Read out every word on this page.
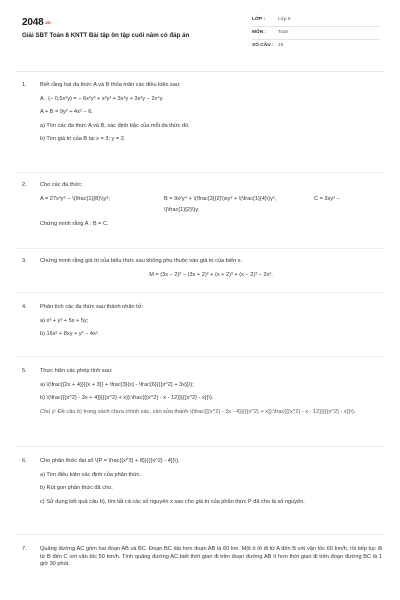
2048.vn
Giải SBT Toán 8 KNTT Bài tập ôn tập cuối năm có đáp án
LỚP :	Lớp 8
MÔN :	Toán
SỐ CÂU : 16
1.	Biết rằng hai đa thức A và B thỏa mãn các điều kiện sau:
A . (− 0,5x²y) = − 6x²y³ + x³y² + 3x²y + 3x²y − 2x⁴y.
A + B = 9y² + 4x² − 6.
a) Tìm các đa thức A và B, xác định bậc của mỗi đa thức đó.
b) Tìm giá trị của B tại x = 3; y = 2.
2.	Cho các đa thức:
A = 27x³y⁶ − \(\frac{1}{8}\)y³;	B = 9x²y⁴ + \(\frac{3}{2}\)xy³ + \(\frac{1}{4}\)y²,	C = 3xy² −
\(\frac{1}{2}\)y.
Chứng minh rằng A : B = C.
3.	Chứng minh rằng giá trị của biểu thức sau không phụ thuộc vào giá trị của biến x.
M = (3x − 2)² − (3x + 2)² + (x + 2)³ + (x − 2)³ − 2x³.
4.	Phân tích các đa thức sau thành nhân tử:
a) x³ + y³ + 5x + 5y;
b) 16x² + 8xy + y² − 4x².
5.	Thực hiện các phép tính sau:
a) \(\frac{{2x + 4}}{{x + 3}} + \frac{3}{x} - \frac{6}{{{x^2} + 3x}}\);
b) \(\frac{{{x^2} - 3x + 4}}{{{x^2} + x}}:\frac{{{x^2} - x - 12}}{{{x^2} - x}}\).
Chú ý: Đề câu b) trong sách chưa chính xác, cần sửa thành \(\frac{{{x^2} - 3x - 4}}{{{x^2} + x}}:\frac{{{x^2} - x - 12}}{{{x^2} - x}}\).
6.	Cho phân thức đại số \(P = \frac{{x^3} + 8}}{{{x^2} - 4}}\).
a) Tìm điều kiện xác định của phân thức.
b) Rút gọn phân thức đã cho.
c) Sử dụng kết quả câu b), tìm tất cả các số nguyên x sao cho giá trị của phân thức P đã cho là số nguyên.
7.	Quãng đường AC gồm hai đoạn AB và BC. Đoạn BC dài hơn đoạn AB là 60 km. Một ô tô đi từ A đến B với vận tốc 60 km/h, rồi tiếp tục đi từ B đến C với vận tốc 50 km/h. Tính quãng đường AC biết thời gian đi trên đoạn đường AB ít hơn thời gian đi trên đoạn đường BC là 1 giờ 30 phút.
